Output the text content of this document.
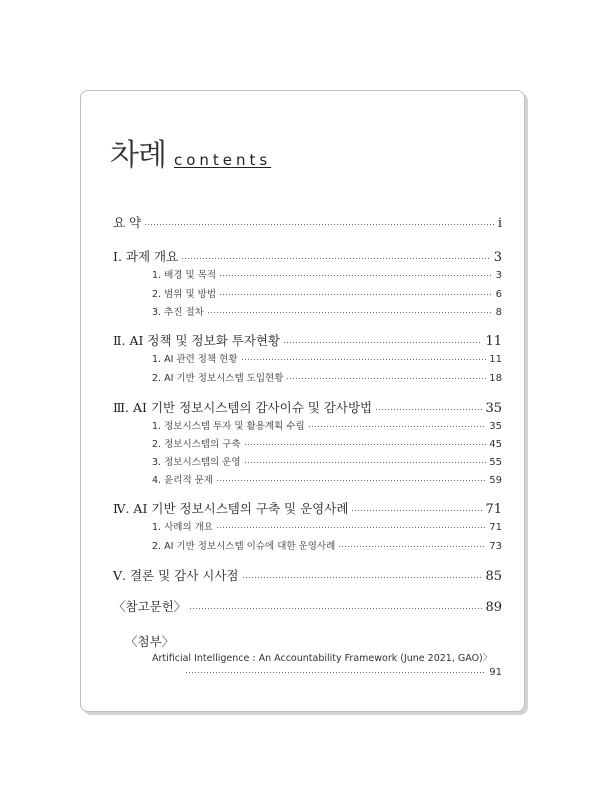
차례 contents
요 약	i
Ⅰ. 과제 개요	3
1. 배경 및 목적	3
2. 범위 및 방법	6
3. 추진 절차	8
Ⅱ. AI 정책 및 정보화 투자현황	11
1. AI 관련 정책 현황	11
2. AI 기반 정보시스템 도입현황	18
Ⅲ. AI 기반 정보시스템의 감사이슈 및 감사방법	35
1. 정보시스템 투자 및 활용계획 수립	35
2. 정보시스템의 구축	45
3. 정보시스템의 운영	55
4. 윤리적 문제	59
Ⅳ. AI 기반 정보시스템의 구축 및 운영사례	71
1. 사례의 개요	71
2. AI 기반 정보시스템 이슈에 대한 운영사례	73
Ⅴ. 결론 및 감사 시사점	85
〈참고문헌〉	89
〈첨부〉
Artificial Intelligence : An Accountability Framework (June 2021, GAO)〉
91
